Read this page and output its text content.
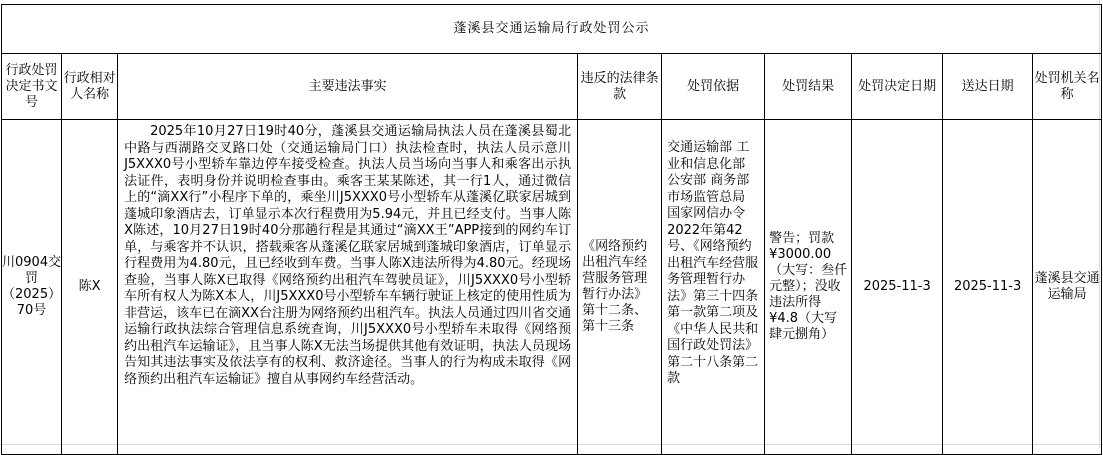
蓬溪县交通运输局行政处罚公示								
行政处罚决定书文号	行政相对人名称	主要违法事实	违反的法律条款	处罚依据	处罚结果	处罚决定日期	送达日期	处罚机关名称
川0904交罚（2025）70号	陈X	2025年10月27日19时40分，蓬溪县交通运输局执法人员在蓬溪县蜀北中路与西湖路交叉路口处（交通运输局门口）执法检查时，执法人员示意川J5XXX0号小型轿车靠边停车接受检查。执法人员当场向当事人和乘客出示执法证件，表明身份并说明检查事由。乘客王某某陈述，其一行1人，通过微信上的“滴XX行”小程序下单的，乘坐川J5XXX0号小型轿车从蓬溪亿联家居城到蓬城印象酒店去，订单显示本次行程费用为5.94元，并且已经支付。当事人陈X陈述，10月27日19时40分那趟行程是其通过“滴XX王”APP接到的网约车订单，与乘客并不认识，搭载乘客从蓬溪亿联家居城到蓬城印象酒店，订单显示行程费用为4.80元，且已经收到车费。当事人陈X违法所得为4.80元。经现场查验，当事人陈X已取得《网络预约出租汽车驾驶员证》，川J5XXX0号小型轿车所有权人为陈X本人，川J5XXX0号小型轿车车辆行驶证上核定的使用性质为非营运，该车已在滴XX台注册为网络预约出租汽车。执法人员通过四川省交通运输行政执法综合管理信息系统查询，川J5XXX0号小型轿车未取得《网络预约出租汽车运输证》，且当事人陈X无法当场提供其他有效证明，执法人员现场告知其违法事实及依法享有的权利、救济途径。当事人的行为构成未取得《网络预约出租汽车运输证》擅自从事网约车经营活动。	《网络预约出租汽车经营服务管理暂行办法》第十二条、第十三条	交通运输部 工业和信息化部 公安部 商务部 市场监管总局 国家网信办令2022年第42号、《网络预约出租汽车经营服务管理暂行办法》第三十四条第一款第二项及《中华人民共和国行政处罚法》第二十八条第二款	警告；罚款¥3000.00（大写：叁仟元整）；没收违法所得¥4.8（大写肆元捌角）	2025-11-3	2025-11-3	蓬溪县交通运输局
